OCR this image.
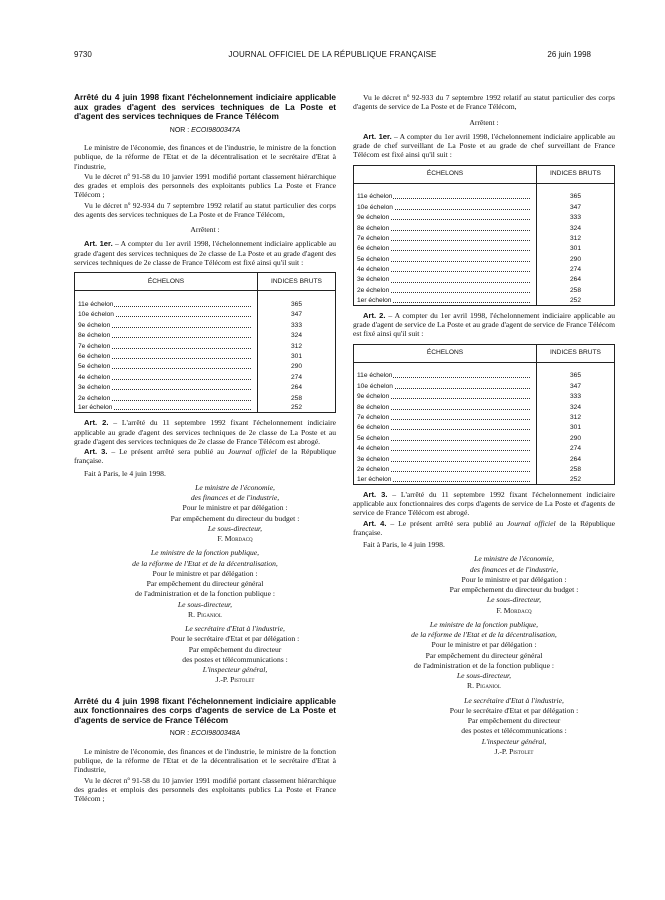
9730	JOURNAL OFFICIEL DE LA RÉPUBLIQUE FRANÇAISE	26 juin 1998
Arrêté du 4 juin 1998 fixant l'échelonnement indiciaire applicable aux grades d'agent des services techniques de La Poste et d'agent des services techniques de France Télécom
NOR : ECOI9800347A

Le ministre de l'économie, des finances et de l'industrie, le ministre de la fonction publique, de la réforme de l'Etat et de la décentralisation et le secrétaire d'Etat à l'industrie,

Vu le décret nº 91-58 du 10 janvier 1991 modifié portant classement hiérarchique des grades et emplois des personnels des exploitants publics La Poste et France Télécom ;

Vu le décret nº 92-934 du 7 septembre 1992 relatif au statut particulier des corps des agents des services techniques de La Poste et de France Télécom,

Arrêtent :

Art. 1er. – A compter du 1er avril 1998, l'échelonnement indiciaire applicable au grade d'agent des services techniques de 2e classe de La Poste et au grade d'agent des services techniques de 2e classe de France Télécom est fixé ainsi qu'il suit :

ÉCHELONS	INDICES BRUTS

11e échelon	365

10e échelon	347

9e échelon	333

8e échelon	324

7e échelon	312

6e échelon	301

5e échelon	290

4e échelon	274

3e échelon	264

2e échelon	258

1er échelon	252

Art. 2. – L'arrêté du 11 septembre 1992 fixant l'échelonnement indiciaire applicable au grade d'agent des services techniques de 2e classe de La Poste et au grade d'agent des services techniques de 2e classe de France Télécom est abrogé.

Art. 3. – Le présent arrêté sera publié au Journal officiel de la République française.

Fait à Paris, le 4 juin 1998.

Le ministre de l'économie,
des finances et de l'industrie,
Pour le ministre et par délégation :
Par empêchement du directeur du budget :
Le sous-directeur,
F. Mordacq
Le ministre de la fonction publique,
de la réforme de l'Etat et de la décentralisation,
Pour le ministre et par délégation :
Par empêchement du directeur général
de l'administration et de la fonction publique :
Le sous-directeur,
R. Piganiol
Le secrétaire d'Etat à l'industrie,
Pour le secrétaire d'Etat et par délégation :
Par empêchement du directeur
des postes et télécommunications :
L'inspecteur général,
J.-P. Pistolet
Arrêté du 4 juin 1998 fixant l'échelonnement indiciaire applicable aux fonctionnaires des corps d'agents de service de La Poste et d'agents de service de France Télécom
NOR : ECOI9800348A

Le ministre de l'économie, des finances et de l'industrie, le ministre de la fonction publique, de la réforme de l'Etat et de la décentralisation et le secrétaire d'Etat à l'industrie,

Vu le décret nº 91-58 du 10 janvier 1991 modifié portant classement hiérarchique des grades et emplois des personnels des exploitants publics La Poste et France Télécom ;

Vu le décret nº 92-933 du 7 septembre 1992 relatif au statut particulier des corps d'agents de service de La Poste et de France Télécom,

Arrêtent :

Art. 1er. – A compter du 1er avril 1998, l'échelonnement indiciaire applicable au grade de chef surveillant de La Poste et au grade de chef surveillant de France Télécom est fixé ainsi qu'il suit :

ÉCHELONS	INDICES BRUTS

11e échelon	365

10e échelon	347

9e échelon	333

8e échelon	324

7e échelon	312

6e échelon	301

5e échelon	290

4e échelon	274

3e échelon	264

2e échelon	258

1er échelon	252

Art. 2. – A compter du 1er avril 1998, l'échelonnement indiciaire applicable au grade d'agent de service de La Poste et au grade d'agent de service de France Télécom est fixé ainsi qu'il suit :

ÉCHELONS	INDICES BRUTS

11e échelon	365

10e échelon	347

9e échelon	333

8e échelon	324

7e échelon	312

6e échelon	301

5e échelon	290

4e échelon	274

3e échelon	264

2e échelon	258

1er échelon	252

Art. 3. – L'arrêté du 11 septembre 1992 fixant l'échelonnement indiciaire applicable aux fonctionnaires des corps d'agents de service de La Poste et d'agents de service de France Télécom est abrogé.

Art. 4. – Le présent arrêté sera publié au Journal officiel de la République française.

Fait à Paris, le 4 juin 1998.

Le ministre de l'économie,
des finances et de l'industrie,
Pour le ministre et par délégation :
Par empêchement du directeur du budget :
Le sous-directeur,
F. Mordacq
Le ministre de la fonction publique,
de la réforme de l'Etat et de la décentralisation,
Pour le ministre et par délégation :
Par empêchement du directeur général
de l'administration et de la fonction publique :
Le sous-directeur,
R. Piganiol
Le secrétaire d'Etat à l'industrie,
Pour le secrétaire d'Etat et par délégation :
Par empêchement du directeur
des postes et télécommunications :
L'inspecteur général,
J.-P. Pistolet
